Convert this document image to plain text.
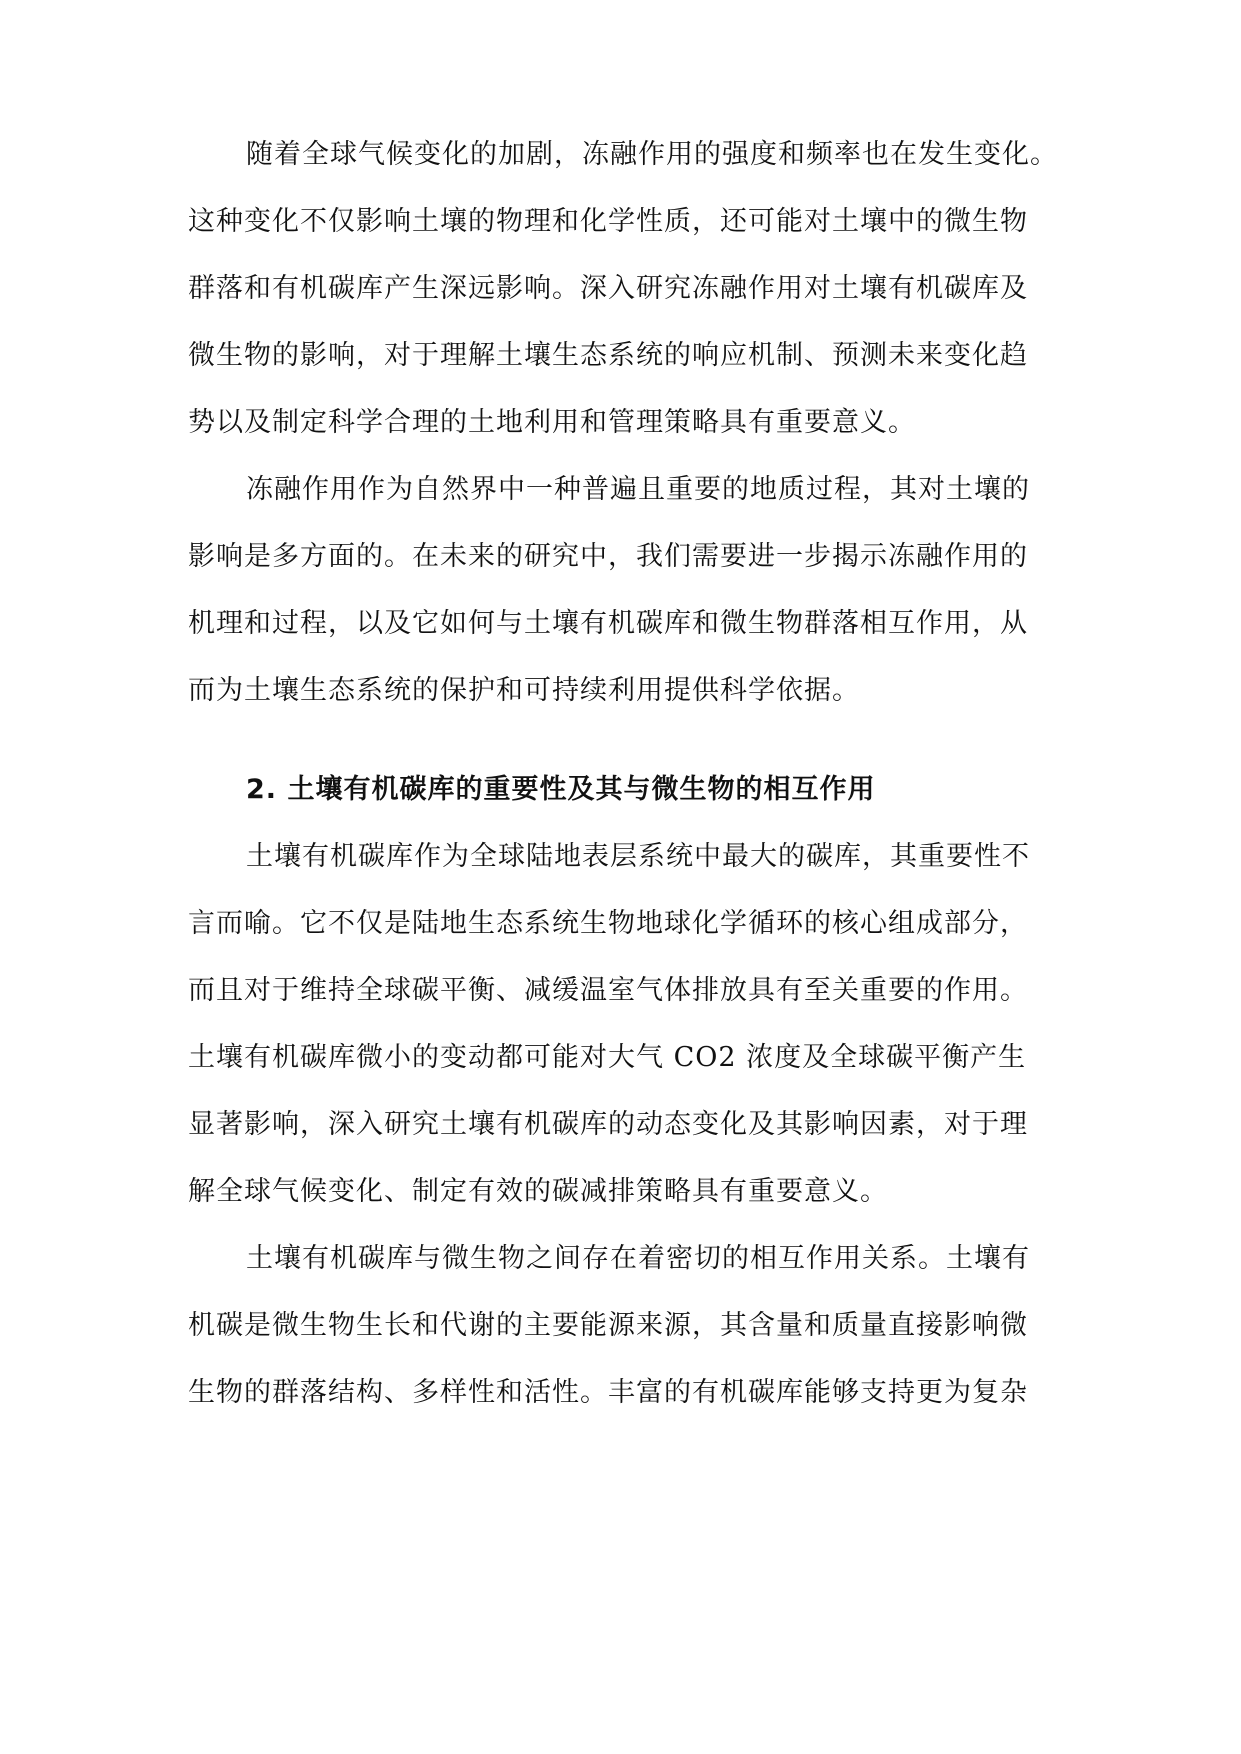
随着全球气候变化的加剧，冻融作用的强度和频率也在发生变化。
这种变化不仅影响土壤的物理和化学性质，还可能对土壤中的微生物
群落和有机碳库产生深远影响。深入研究冻融作用对土壤有机碳库及
微生物的影响，对于理解土壤生态系统的响应机制、预测未来变化趋
势以及制定科学合理的土地利用和管理策略具有重要意义。
冻融作用作为自然界中一种普遍且重要的地质过程，其对土壤的
影响是多方面的。在未来的研究中，我们需要进一步揭示冻融作用的
机理和过程，以及它如何与土壤有机碳库和微生物群落相互作用，从
而为土壤生态系统的保护和可持续利用提供科学依据。
2. 土壤有机碳库的重要性及其与微生物的相互作用
土壤有机碳库作为全球陆地表层系统中最大的碳库，其重要性不
言而喻。它不仅是陆地生态系统生物地球化学循环的核心组成部分，
而且对于维持全球碳平衡、减缓温室气体排放具有至关重要的作用。
土壤有机碳库微小的变动都可能对大气 CO2 浓度及全球碳平衡产生
显著影响，深入研究土壤有机碳库的动态变化及其影响因素，对于理
解全球气候变化、制定有效的碳减排策略具有重要意义。
土壤有机碳库与微生物之间存在着密切的相互作用关系。土壤有
机碳是微生物生长和代谢的主要能源来源，其含量和质量直接影响微
生物的群落结构、多样性和活性。丰富的有机碳库能够支持更为复杂
